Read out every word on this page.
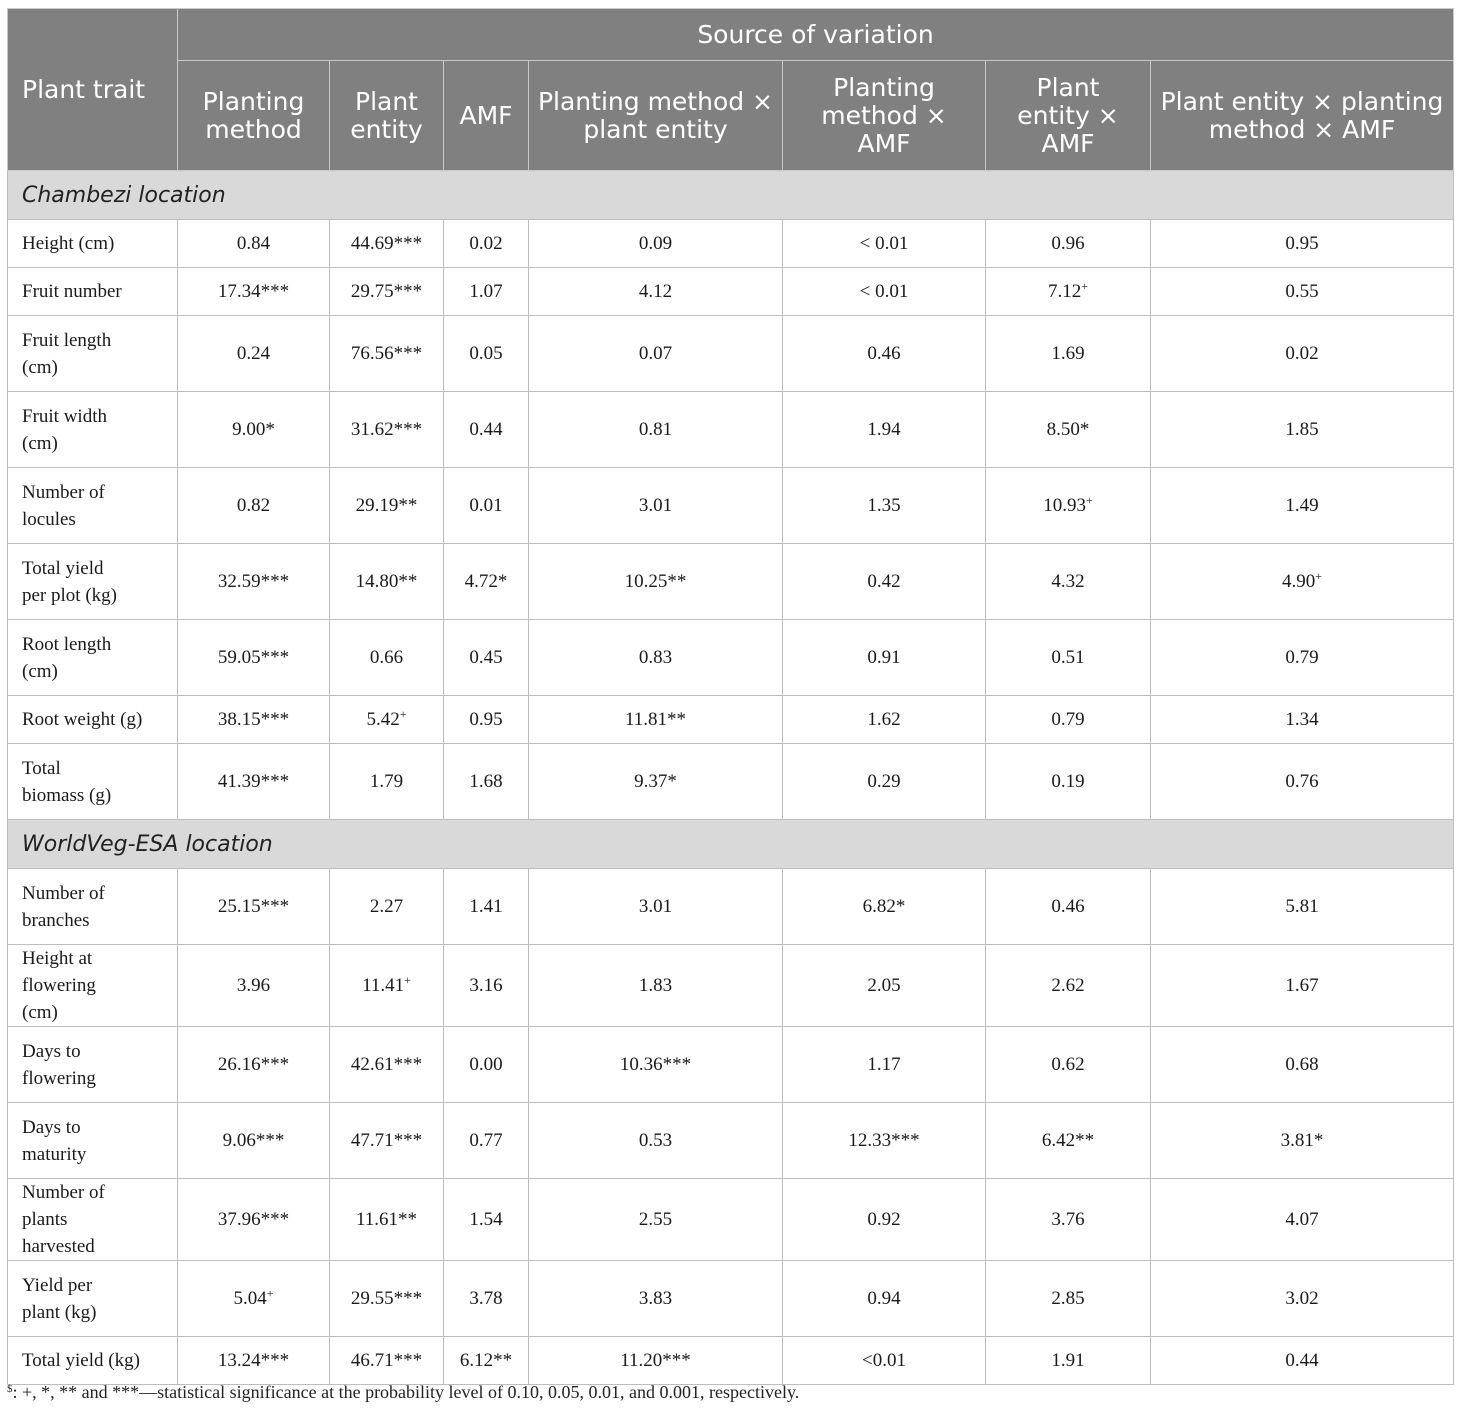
Plant trait	Source of variation						
	Planting method	Plant entity	AMF	Planting method × plant entity	Planting method × AMF	Plant entity × AMF	Plant entity × planting method × AMF
Chambezi location							
Height (cm)	0.84	44.69***	0.02	0.09	< 0.01	0.96	0.95
Fruit number	17.34***	29.75***	1.07	4.12	< 0.01	7.12+	0.55
Fruit length (cm)	0.24	76.56***	0.05	0.07	0.46	1.69	0.02
Fruit width (cm)	9.00*	31.62***	0.44	0.81	1.94	8.50*	1.85
Number of locules	0.82	29.19**	0.01	3.01	1.35	10.93+	1.49
Total yield per plot (kg)	32.59***	14.80**	4.72*	10.25**	0.42	4.32	4.90+
Root length (cm)	59.05***	0.66	0.45	0.83	0.91	0.51	0.79
Root weight (g)	38.15***	5.42+	0.95	11.81**	1.62	0.79	1.34
Total biomass (g)	41.39***	1.79	1.68	9.37*	0.29	0.19	0.76
WorldVeg-ESA location							
Number of branches	25.15***	2.27	1.41	3.01	6.82*	0.46	5.81
Height at flowering (cm)	3.96	11.41+	3.16	1.83	2.05	2.62	1.67
Days to flowering	26.16***	42.61***	0.00	10.36***	1.17	0.62	0.68
Days to maturity	9.06***	47.71***	0.77	0.53	12.33***	6.42**	3.81*
Number of plants harvested	37.96***	11.61**	1.54	2.55	0.92	3.76	4.07
Yield per plant (kg)	5.04+	29.55***	3.78	3.83	0.94	2.85	3.02
Total yield (kg)	13.24***	46.71***	6.12**	11.20***	<0.01	1.91	0.44
$: +, *, ** and ***—statistical significance at the probability level of 0.10, 0.05, 0.01, and 0.001, respectively.
